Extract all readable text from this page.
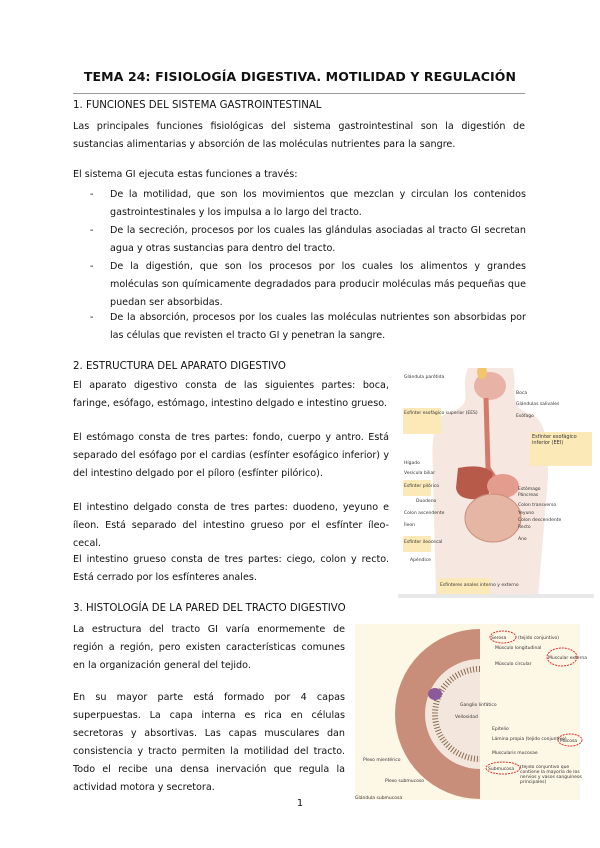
TEMA 24: FISIOLOGÍA DIGESTIVA. MOTILIDAD Y REGULACIÓN
1. FUNCIONES DEL SISTEMA GASTROINTESTINAL
Las principales funciones fisiológicas del sistema gastrointestinal son la digestión de sustancias alimentarias y absorción de las moléculas nutrientes para la sangre.
El sistema GI ejecuta estas funciones a través:
- De la motilidad, que son los movimientos que mezclan y circulan los contenidos gastrointestinales y los impulsa a lo largo del tracto.
- De la secreción, procesos por los cuales las glándulas asociadas al tracto GI secretan agua y otras sustancias para dentro del tracto.
- De la digestión, que son los procesos por los cuales los alimentos y grandes moléculas son químicamente degradados para producir moléculas más pequeñas que puedan ser absorbidas.
- De la absorción, procesos por los cuales las moléculas nutrientes son absorbidas por las células que revisten el tracto GI y penetran la sangre.
2. ESTRUCTURA DEL APARATO DIGESTIVO
El aparato digestivo consta de las siguientes partes: boca, faringe, esófago, estómago, intestino delgado e intestino grueso.
El estómago consta de tres partes: fondo, cuerpo y antro. Está separado del esófago por el cardias (esfínter esofágico inferior) y del intestino delgado por el píloro (esfínter pilórico).
El intestino delgado consta de tres partes: duodeno, yeyuno e íleon. Está separado del intestino grueso por el esfínter íleo-cecal.
El intestino grueso consta de tres partes: ciego, colon y recto. Está cerrado por los esfínteres anales.
Esfínter esofágico inferior (EEI)
Glándula parótida
Esfínter esofágico superior (EES)
Hígado
Vesícula biliar
Esfínter pilórico
Duodeno
Colon ascendente
Íleon
Esfínter ileocecal
Apéndice
Boca
Glándulas salivales
Esófago
Estómago
Páncreas
Colon transverso
Yeyuno
Colon descendente
Recto
Ano
Esfínteres anales interno y externo
3. HISTOLOGÍA DE LA PARED DEL TRACTO DIGESTIVO
La estructura del tracto GI varía enormemente de región a región, pero existen características comunes en la organización general del tejido.
En su mayor parte está formado por 4 capas superpuestas. La capa interna es rica en células secretoras y absortivas. Las capas musculares dan consistencia y tracto permiten la motilidad del tracto. Todo el recibe una densa inervación que regula la actividad motora y secretora.
Serosa	(tejido conjuntivo)
Músculo longitudinal
Músculo circular
Muscular externa
Ganglio linfático
Vellosidad
Epitelio
Lámina propia (tejido conjuntivo)
Muscularis mucosae
Mucosa
Submucosa (tejido conjuntivo que contiene la mayoría de los nervios y vasos sanguíneos principales)
Plexo mientérico
Plexo submucoso
Glándula submucosa
1
